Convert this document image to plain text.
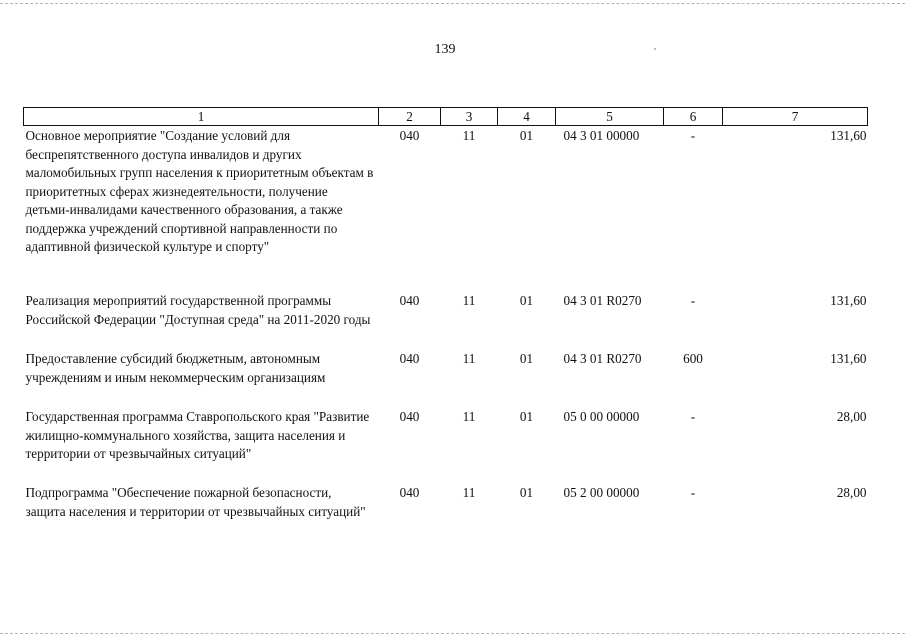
139
1	2	3	4	5	6	7
Основное мероприятие "Создание условий для беспрепятственного доступа инвалидов и других маломобильных групп населения к приоритетным объектам в приоритетных сферах жизнедеятельности, получение детьми-инвалидами качественного образования, а также поддержка учреждений спортивной направленности по адаптивной физической культуре и спорту"	040	11	01	04 3 01 00000	-	131,60
Реализация мероприятий государственной программы Российской Федерации "Доступная среда" на 2011-2020 годы	040	11	01	04 3 01 R0270	-	131,60
Предоставление субсидий бюджетным, автономным учреждениям и иным некоммерческим организациям	040	11	01	04 3 01 R0270	600	131,60
Государственная программа Ставропольского края "Развитие жилищно-коммунального хозяйства, защита населения и территории от чрезвычайных ситуаций"	040	11	01	05 0 00 00000	-	28,00
Подпрограмма "Обеспечение пожарной безопасности, защита населения и территории от чрезвычайных ситуаций"	040	11	01	05 2 00 00000	-	28,00
